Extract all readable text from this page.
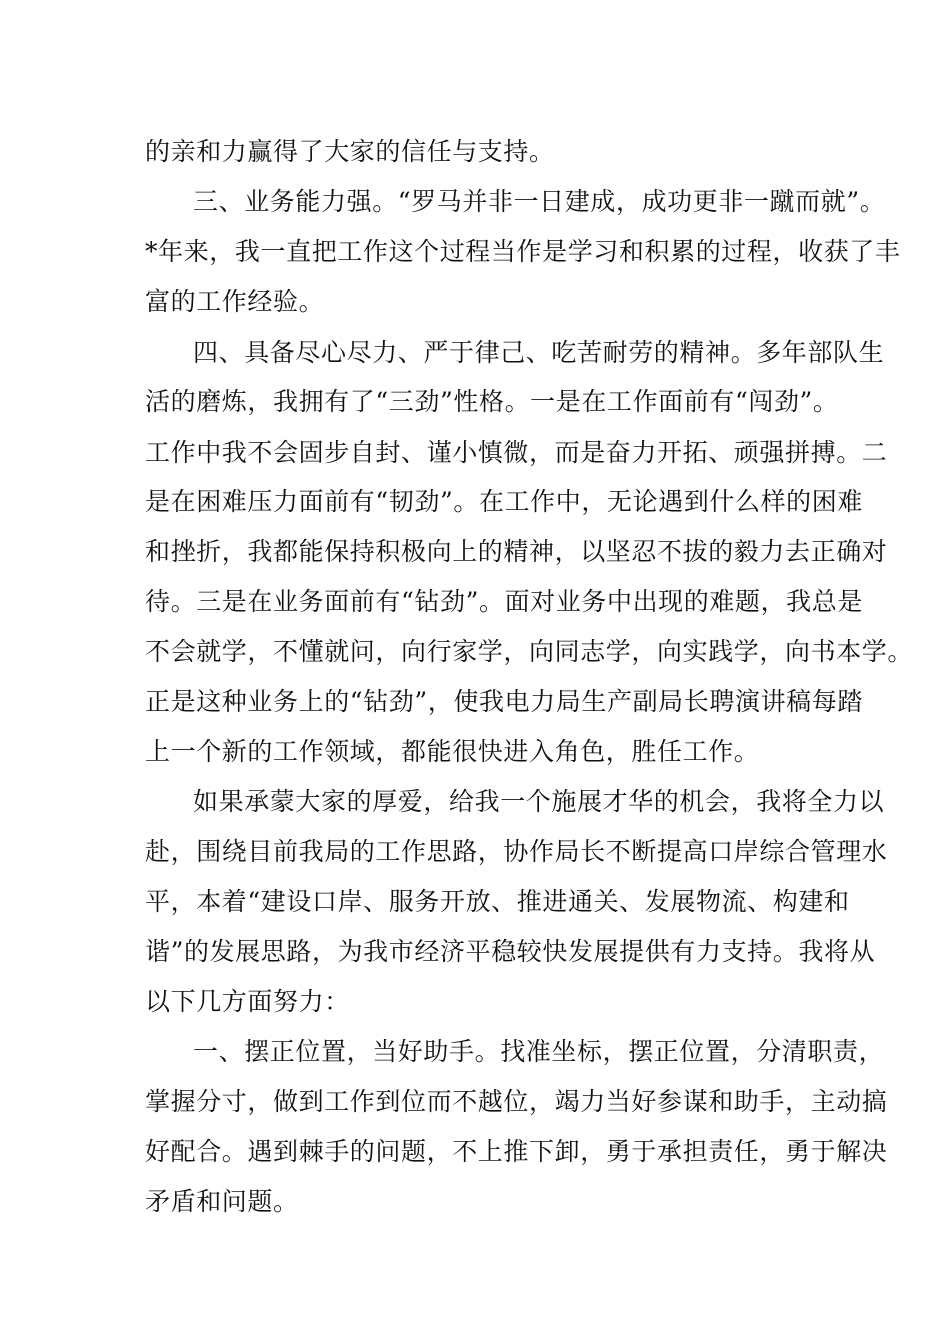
的亲和力赢得了大家的信任与支持。
三、业务能力强。“罗马并非一日建成，成功更非一蹴而就”。
*年来，我一直把工作这个过程当作是学习和积累的过程，收获了丰
富的工作经验。
四、具备尽心尽力、严于律己、吃苦耐劳的精神。多年部队生
活的磨炼，我拥有了“三劲”性格。一是在工作面前有“闯劲”。
工作中我不会固步自封、谨小慎微，而是奋力开拓、顽强拼搏。二
是在困难压力面前有“韧劲”。在工作中，无论遇到什么样的困难
和挫折，我都能保持积极向上的精神，以坚忍不拔的毅力去正确对
待。三是在业务面前有“钻劲”。面对业务中出现的难题，我总是
不会就学，不懂就问，向行家学，向同志学，向实践学，向书本学。
正是这种业务上的“钻劲”，使我电力局生产副局长聘演讲稿每踏
上一个新的工作领域，都能很快进入角色，胜任工作。
如果承蒙大家的厚爱，给我一个施展才华的机会，我将全力以
赴，围绕目前我局的工作思路，协作局长不断提高口岸综合管理水
平，本着“建设口岸、服务开放、推进通关、发展物流、构建和
谐”的发展思路，为我市经济平稳较快发展提供有力支持。我将从
以下几方面努力：
一、摆正位置，当好助手。找准坐标，摆正位置，分清职责，
掌握分寸，做到工作到位而不越位，竭力当好参谋和助手，主动搞
好配合。遇到棘手的问题，不上推下卸，勇于承担责任，勇于解决
矛盾和问题。
